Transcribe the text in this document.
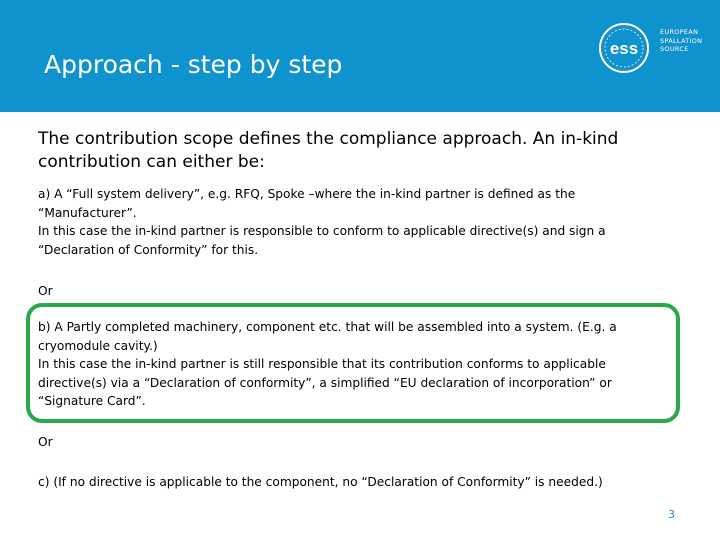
Approach - step by step
ess
EUROPEAN
SPALLATION
SOURCE
The contribution scope defines the compliance approach. An in-kind contribution can either be:
a) A “Full system delivery”, e.g. RFQ, Spoke –where the in-kind partner is defined as the
“Manufacturer”.
In this case the in-kind partner is responsible to conform to applicable directive(s) and sign a
“Declaration of Conformity” for this.
Or
b) A Partly completed machinery, component etc. that will be assembled into a system. (E.g. a
cryomodule cavity.)
In this case the in-kind partner is still responsible that its contribution conforms to applicable
directive(s) via a “Declaration of conformity”, a simplified “EU declaration of incorporation” or
“Signature Card”.
Or
c) (If no directive is applicable to the component, no “Declaration of Conformity” is needed.)
3
